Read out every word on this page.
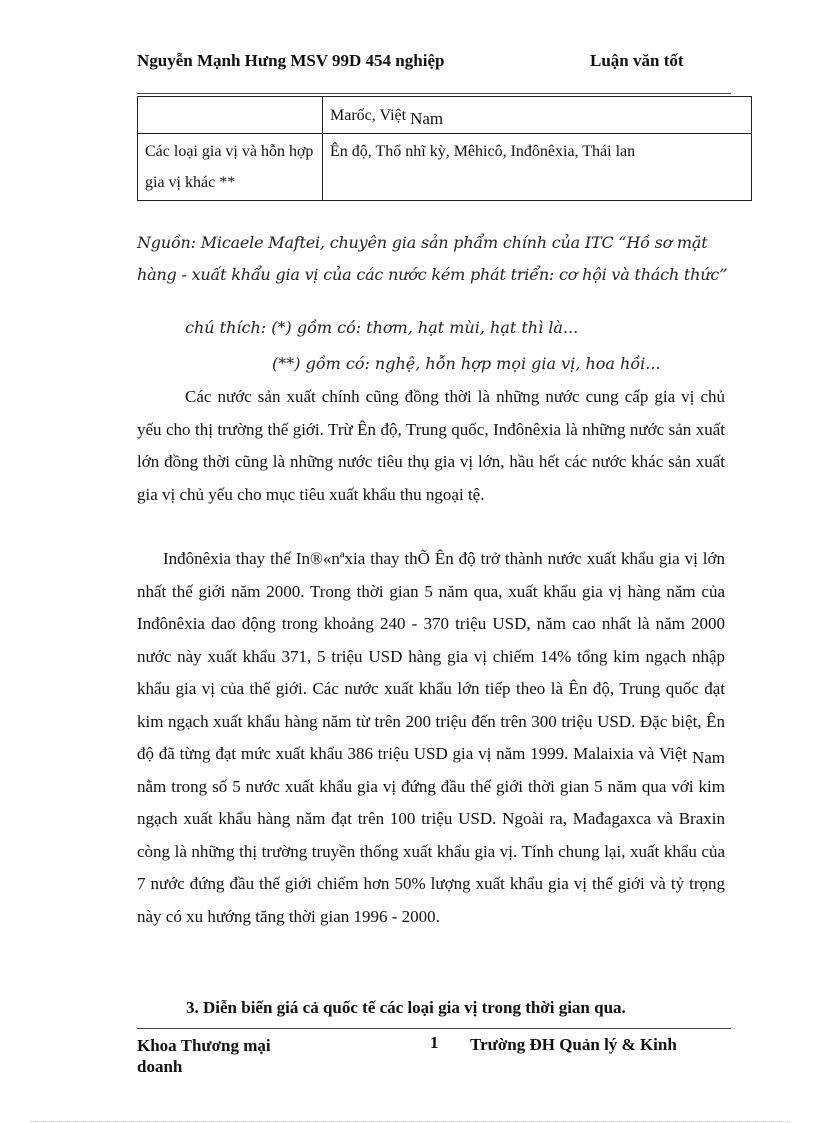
Nguyễn Mạnh Hưng MSV 99D 454 nghiệp	Luận văn tốt
	Marốc, Việt Nam
Các loại gia vị và hỗn hợp gia vị khác **	Ên độ, Thổ nhĩ kỳ, Mêhicô, Inđônêxia, Thái lan
Nguồn: Micaele Maftei, chuyên gia sản phẩm chính của ITC “Hồ sơ mặt hàng - xuất khẩu gia vị của các nước kém phát triển: cơ hội và thách thức”
chú thích: (*) gồm có: thơm, hạt mùi, hạt thì là...
(**) gồm có: nghệ, hỗn hợp mọi gia vị, hoa hồi...
Các nước sản xuất chính cũng đồng thời là những nước cung cấp gia vị chủ yếu cho thị trường thế giới. Trừ Ên độ, Trung quốc, Inđônêxia là những nước sản xuất lớn đồng thời cũng là những nước tiêu thụ gia vị lớn, hầu hết các nước khác sản xuất gia vị chủ yếu cho mục tiêu xuất khẩu thu ngoại tệ.
Inđônêxia thay thế In®«nªxia thay thÕ Ên độ trở thành nước xuất khẩu gia vị lớn nhất thế giới năm 2000. Trong thời gian 5 năm qua, xuất khẩu gia vị hàng năm của Inđônêxia dao động trong khoảng 240 - 370 triệu USD, năm cao nhất là năm 2000 nước này xuất khẩu 371, 5 triệu USD hàng gia vị chiếm 14% tổng kim ngạch nhập khẩu gia vị của thế giới. Các nước xuất khẩu lớn tiếp theo là Ên độ, Trung quốc đạt kim ngạch xuất khẩu hàng năm từ trên 200 triệu đến trên 300 triệu USD. Đặc biệt, Ên độ đã từng đạt mức xuất khẩu 386 triệu USD gia vị năm 1999. Malaixia và Việt Nam nằm trong số 5 nước xuất khẩu gia vị đứng đầu thế giới thời gian 5 năm qua với kim ngạch xuất khẩu hàng năm đạt trên 100 triệu USD. Ngoài ra, Mađagaxca và Braxin còng là những thị trường truyền thống xuất khẩu gia vị. Tính chung lại, xuất khẩu của 7 nước đứng đầu thế giới chiếm hơn 50% lượng xuất khẩu gia vị thế giới và tỷ trọng này có xu hướng tăng thời gian 1996 - 2000.
3. Diễn biến giá cả quốc tế các loại gia vị trong thời gian qua.
Khoa Thương mại doanh
1 Trường ĐH Quản lý & Kinh
